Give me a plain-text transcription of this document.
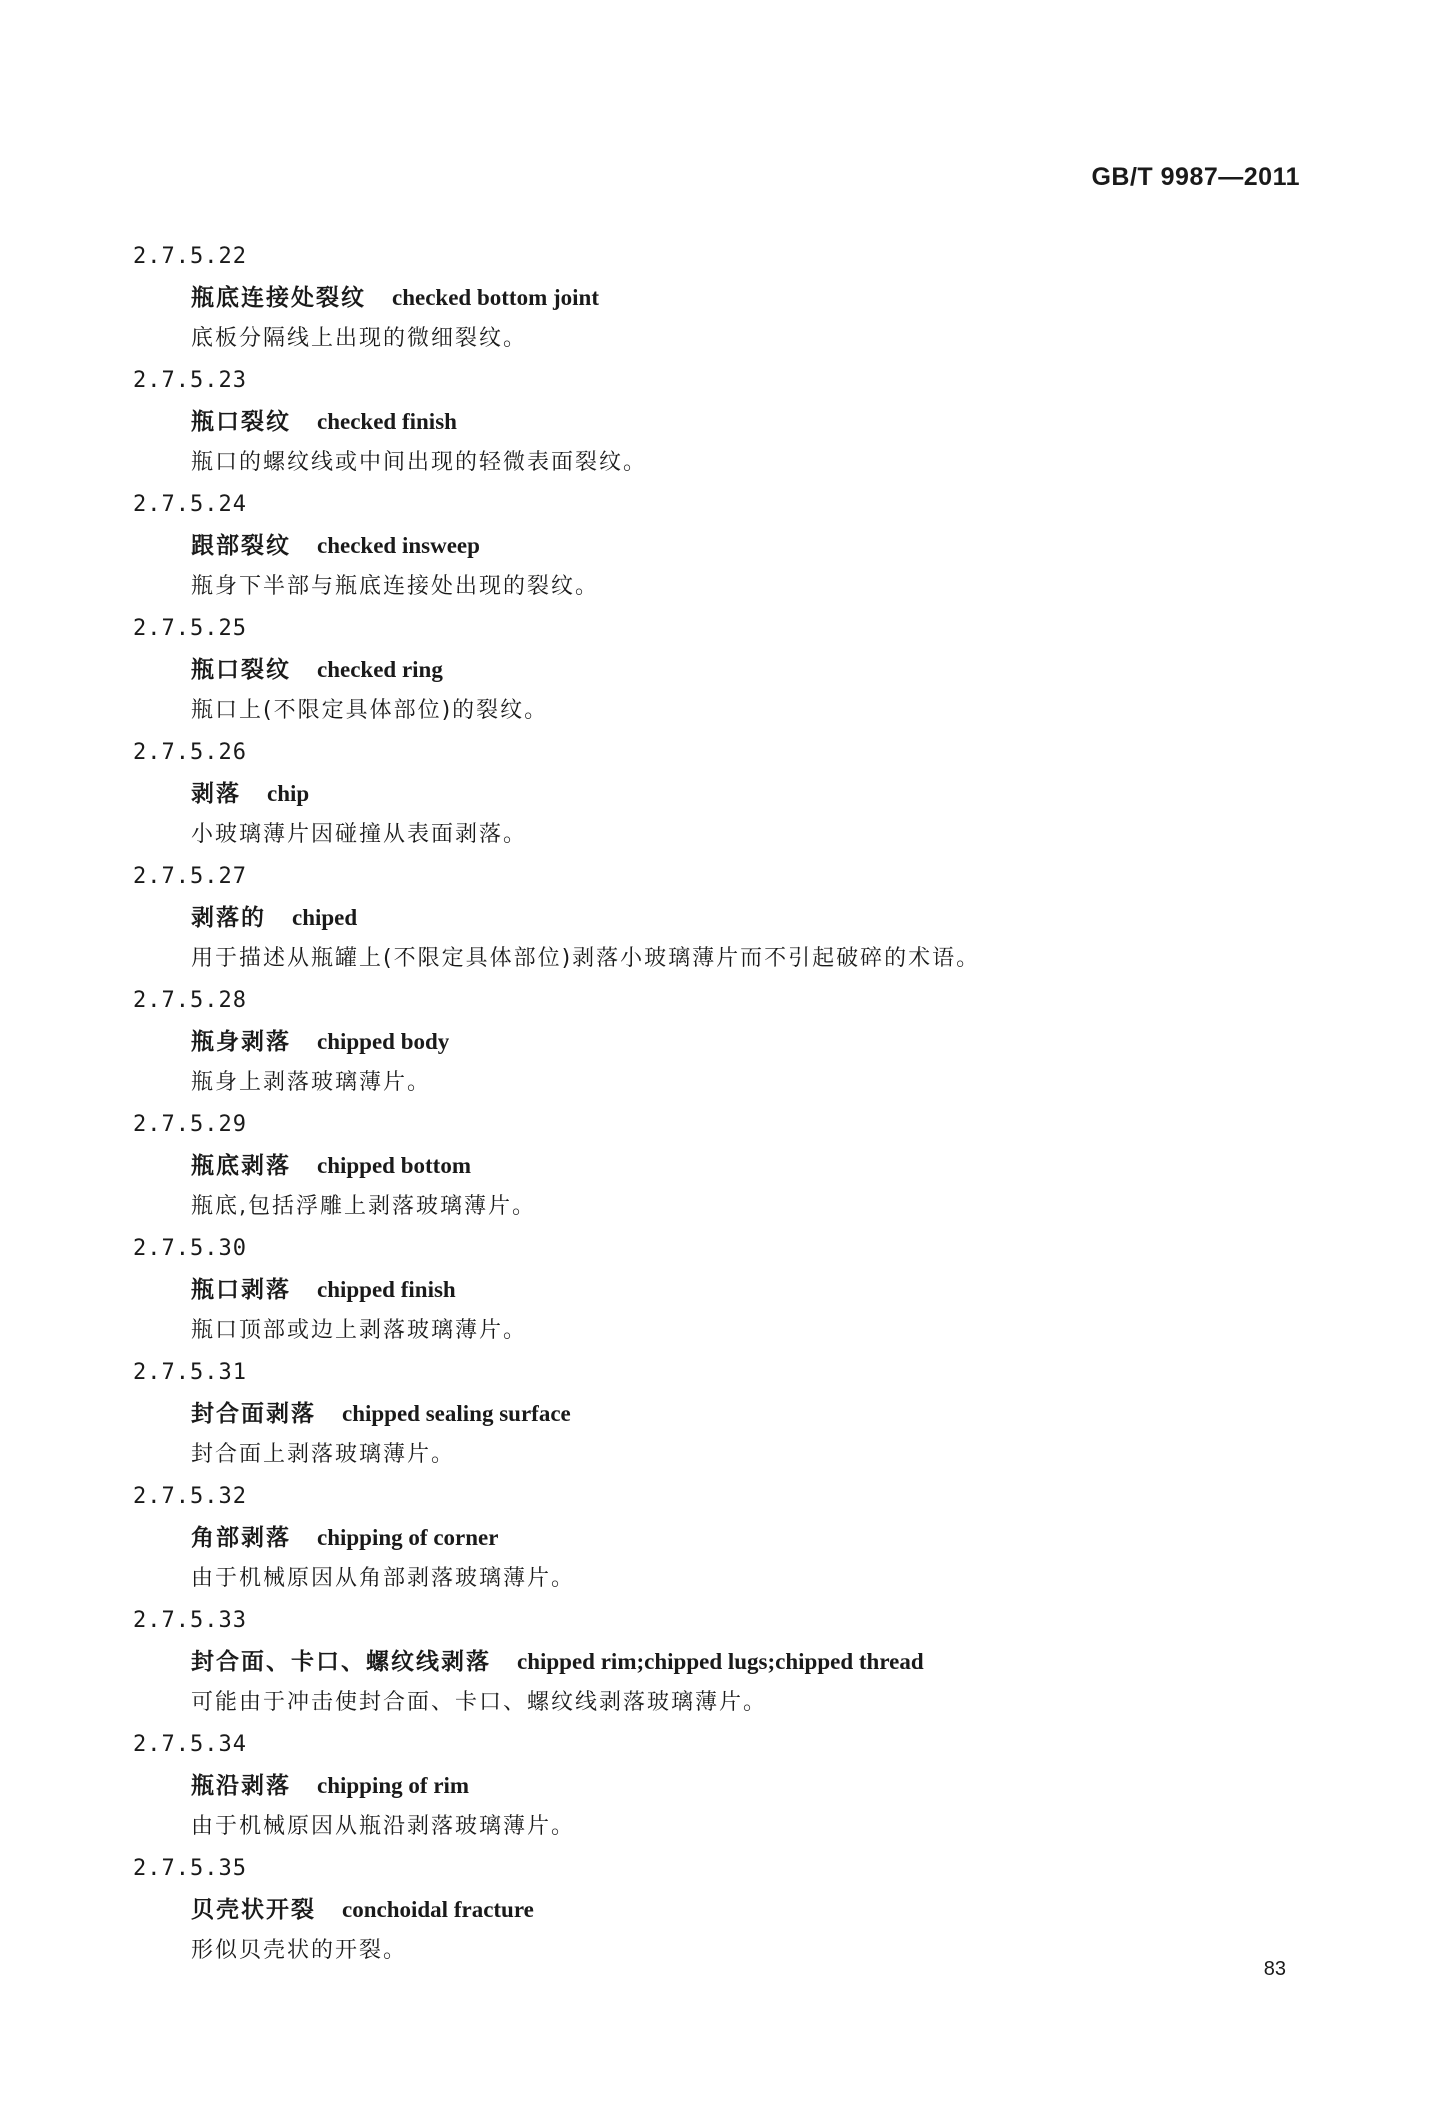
GB/T 9987—2011
2.7.5.22
瓶底连接处裂纹 checked bottom joint
底板分隔线上出现的微细裂纹。
2.7.5.23
瓶口裂纹 checked finish
瓶口的螺纹线或中间出现的轻微表面裂纹。
2.7.5.24
跟部裂纹 checked insweep
瓶身下半部与瓶底连接处出现的裂纹。
2.7.5.25
瓶口裂纹 checked ring
瓶口上(不限定具体部位)的裂纹。
2.7.5.26
剥落 chip
小玻璃薄片因碰撞从表面剥落。
2.7.5.27
剥落的 chiped
用于描述从瓶罐上(不限定具体部位)剥落小玻璃薄片而不引起破碎的术语。
2.7.5.28
瓶身剥落 chipped body
瓶身上剥落玻璃薄片。
2.7.5.29
瓶底剥落 chipped bottom
瓶底,包括浮雕上剥落玻璃薄片。
2.7.5.30
瓶口剥落 chipped finish
瓶口顶部或边上剥落玻璃薄片。
2.7.5.31
封合面剥落 chipped sealing surface
封合面上剥落玻璃薄片。
2.7.5.32
角部剥落 chipping of corner
由于机械原因从角部剥落玻璃薄片。
2.7.5.33
封合面、卡口、螺纹线剥落 chipped rim;chipped lugs;chipped thread
可能由于冲击使封合面、卡口、螺纹线剥落玻璃薄片。
2.7.5.34
瓶沿剥落 chipping of rim
由于机械原因从瓶沿剥落玻璃薄片。
2.7.5.35
贝壳状开裂 conchoidal fracture
形似贝壳状的开裂。
83
